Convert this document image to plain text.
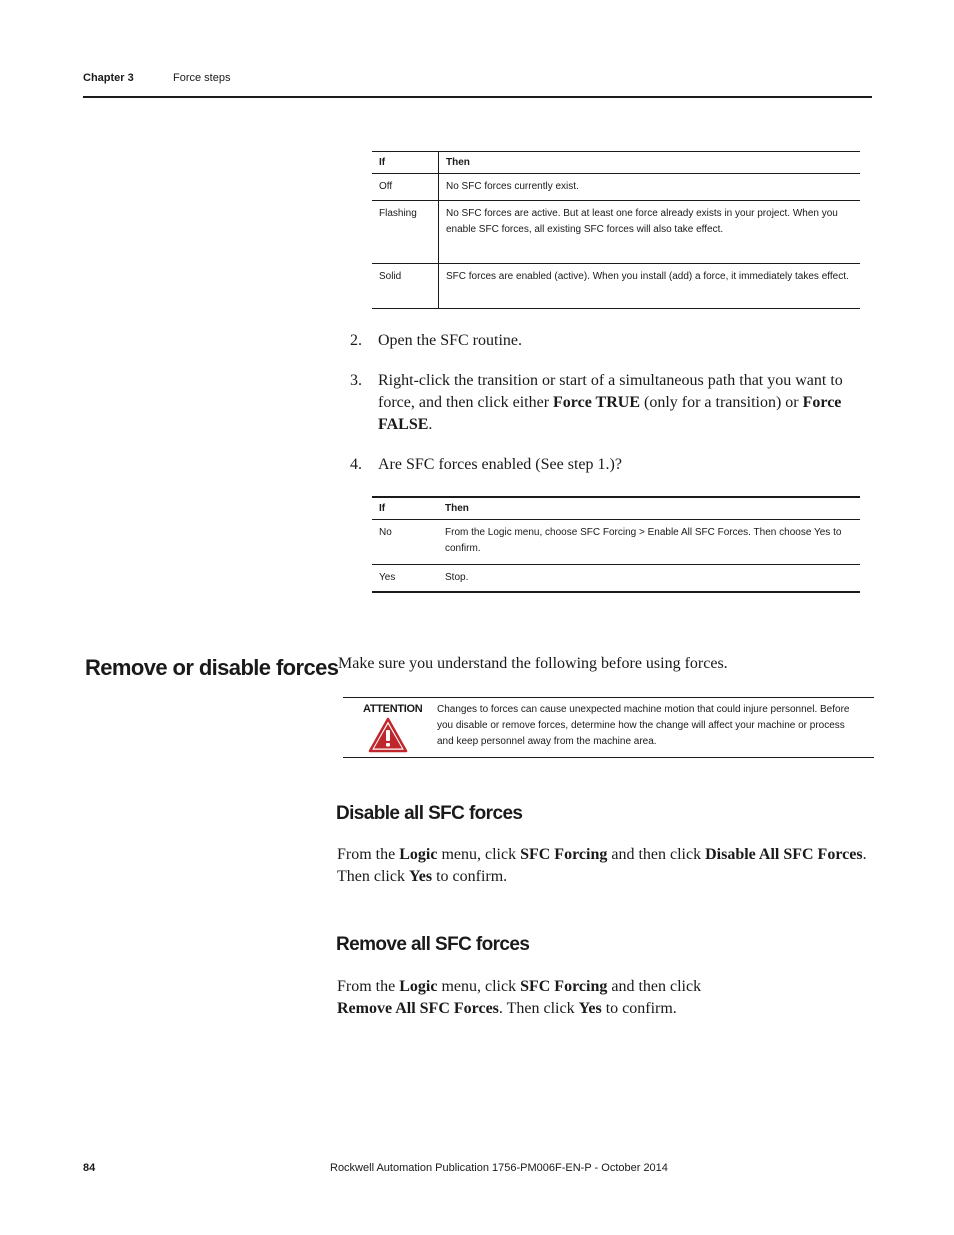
Chapter 3	Force steps
If	Then
Off	No SFC forces currently exist.
Flashing	No SFC forces are active. But at least one force already exists in your project. When you enable SFC forces, all existing SFC forces will also take effect.
Solid	SFC forces are enabled (active). When you install (add) a force, it immediately takes effect.
2. Open the SFC routine.
3. Right-click the transition or start of a simultaneous path that you want to force, and then click either Force TRUE (only for a transition) or Force FALSE.
4. Are SFC forces enabled (See step 1.)?
If	Then
No	From the Logic menu, choose SFC Forcing > Enable All SFC Forces. Then choose Yes to confirm.
Yes	Stop.
Remove or disable forces Make sure you understand the following before using forces.
ATTENTION Changes to forces can cause unexpected machine motion that could injure personnel. Before you disable or remove forces, determine how the change will affect your machine or process and keep personnel away from the machine area.
Disable all SFC forces
From the Logic menu, click SFC Forcing and then click Disable All SFC Forces. Then click Yes to confirm.
Remove all SFC forces
From the Logic menu, click SFC Forcing and then click
Remove All SFC Forces. Then click Yes to confirm.
84	Rockwell Automation Publication 1756-PM006F-EN-P - October 2014
